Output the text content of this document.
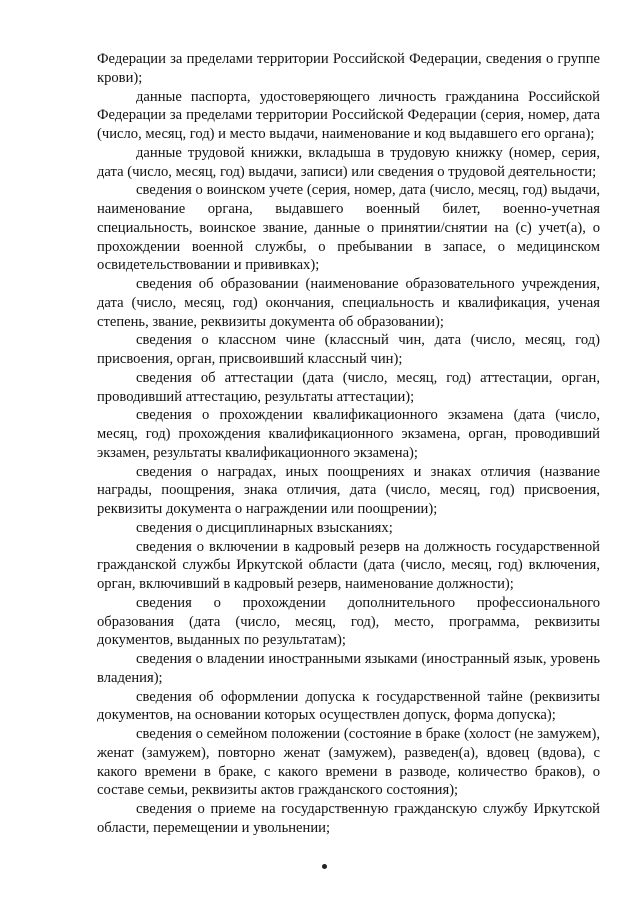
Федерации за пределами территории Российской Федерации, сведения о группе крови);

данные паспорта, удостоверяющего личность гражданина Российской Федерации за пределами территории Российской Федерации (серия, номер, дата (число, месяц, год) и место выдачи, наименование и код выдавшего его органа);

данные трудовой книжки, вкладыша в трудовую книжку (номер, серия, дата (число, месяц, год) выдачи, записи) или сведения о трудовой деятельности;

сведения о воинском учете (серия, номер, дата (число, месяц, год) выдачи, наименование органа, выдавшего военный билет, военно-учетная специальность, воинское звание, данные о принятии/снятии на (с) учет(а), о прохождении военной службы, о пребывании в запасе, о медицинском освидетельствовании и прививках);

сведения об образовании (наименование образовательного учреждения, дата (число, месяц, год) окончания, специальность и квалификация, ученая степень, звание, реквизиты документа об образовании);

сведения о классном чине (классный чин, дата (число, месяц, год) присвоения, орган, присвоивший классный чин);

сведения об аттестации (дата (число, месяц, год) аттестации, орган, проводивший аттестацию, результаты аттестации);

сведения о прохождении квалификационного экзамена (дата (число, месяц, год) прохождения квалификационного экзамена, орган, проводивший экзамен, результаты квалификационного экзамена);

сведения о наградах, иных поощрениях и знаках отличия (название награды, поощрения, знака отличия, дата (число, месяц, год) присвоения, реквизиты документа о награждении или поощрении);

сведения о дисциплинарных взысканиях;

сведения о включении в кадровый резерв на должность государственной гражданской службы Иркутской области (дата (число, месяц, год) включения, орган, включивший в кадровый резерв, наименование должности);

сведения о прохождении дополнительного профессионального образования (дата (число, месяц, год), место, программа, реквизиты документов, выданных по результатам);

сведения о владении иностранными языками (иностранный язык, уровень владения);

сведения об оформлении допуска к государственной тайне (реквизиты документов, на основании которых осуществлен допуск, форма допуска);

сведения о семейном положении (состояние в браке (холост (не замужем), женат (замужем), повторно женат (замужем), разведен(а), вдовец (вдова), с какого времени в браке, с какого времени в разводе, количество браков), о составе семьи, реквизиты актов гражданского состояния);

сведения о приеме на государственную гражданскую службу Иркутской области, перемещении и увольнении;
